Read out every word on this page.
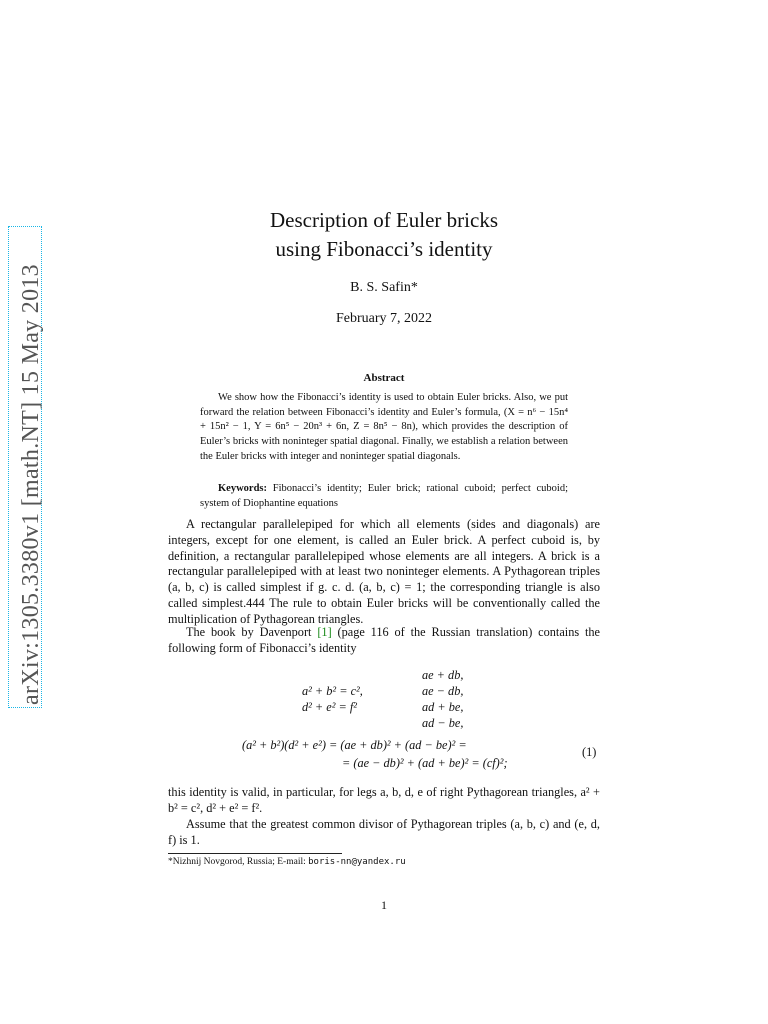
arXiv:1305.3380v1 [math.NT] 15 May 2013
Description of Euler bricks
using Fibonacci’s identity
B. S. Safin*
February 7, 2022
Abstract
We show how the Fibonacci’s identity is used to obtain Euler bricks. Also, we put forward the relation between Fibonacci’s identity and Euler’s formula, (X = n⁶ − 15n⁴ + 15n² − 1, Y = 6n⁵ − 20n³ + 6n, Z = 8n⁵ − 8n), which provides the description of Euler’s bricks with noninteger spatial diagonal. Finally, we establish a relation between the Euler bricks with integer and noninteger spatial diagonals.
Keywords: Fibonacci’s identity; Euler brick; rational cuboid; perfect cuboid; system of Diophantine equations
A rectangular parallelepiped for which all elements (sides and diagonals) are integers, except for one element, is called an Euler brick. A perfect cuboid is, by definition, a rectangular parallelepiped whose elements are all integers. A brick is a rectangular parallelepiped with at least two noninteger elements. A Pythagorean triples (a, b, c) is called simplest if g. c. d. (a, b, c) = 1; the corresponding triangle is also called simplest.444 The rule to obtain Euler bricks will be conventionally called the multiplication of Pythagorean triangles.
The book by Davenport [1] (page 116 of the Russian translation) contains the following form of Fibonacci’s identity
a² + b² = c²,
d² + e² = f²
ae + db,
ae − db,
ad + be,
ad − be,
(a² + b²)(d² + e²) = (ae + db)² + (ad − be)² =
= (ae − db)² + (ad + be)² = (cf)²;
(1)
this identity is valid, in particular, for legs a, b, d, e of right Pythagorean triangles, a² + b² = c², d² + e² = f².
Assume that the greatest common divisor of Pythagorean triples (a, b, c) and (e, d, f) is 1.
*Nizhnij Novgorod, Russia; E-mail: boris-nn@yandex.ru
1
